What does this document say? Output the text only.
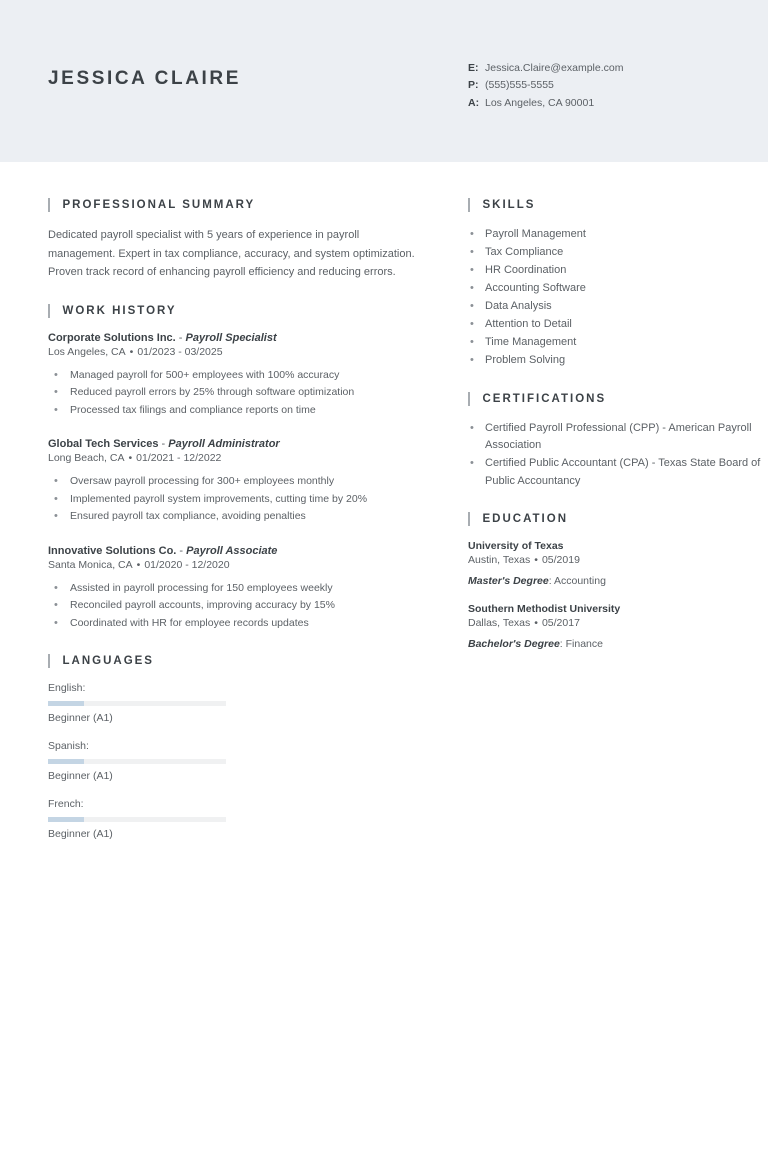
JESSICA CLAIRE	E: Jessica.Claire@example.com
P: (555)555-5555
A: Los Angeles, CA 90001
PROFESSIONAL SUMMARY
Dedicated payroll specialist with 5 years of experience in payroll management. Expert in tax compliance, accuracy, and system optimization. Proven track record of enhancing payroll efficiency and reducing errors.
WORK HISTORY
Corporate Solutions Inc. - Payroll Specialist
Los Angeles, CA • 01/2023 - 03/2025
• Managed payroll for 500+ employees with 100% accuracy
• Reduced payroll errors by 25% through software optimization
• Processed tax filings and compliance reports on time
Global Tech Services - Payroll Administrator
Long Beach, CA • 01/2021 - 12/2022
• Oversaw payroll processing for 300+ employees monthly
• Implemented payroll system improvements, cutting time by 20%
• Ensured payroll tax compliance, avoiding penalties
Innovative Solutions Co. - Payroll Associate
Santa Monica, CA • 01/2020 - 12/2020
• Assisted in payroll processing for 150 employees weekly
• Reconciled payroll accounts, improving accuracy by 15%
• Coordinated with HR for employee records updates
LANGUAGES
English:
Beginner (A1)
Spanish:
Beginner (A1)
French:
Beginner (A1)
SKILLS
• Payroll Management
• Tax Compliance
• HR Coordination
• Accounting Software
• Data Analysis
• Attention to Detail
• Time Management
• Problem Solving
CERTIFICATIONS
• Certified Payroll Professional (CPP) - American Payroll Association
• Certified Public Accountant (CPA) - Texas State Board of Public Accountancy
EDUCATION
University of Texas
Austin, Texas • 05/2019
Master's Degree: Accounting
Southern Methodist University
Dallas, Texas • 05/2017
Bachelor's Degree: Finance
